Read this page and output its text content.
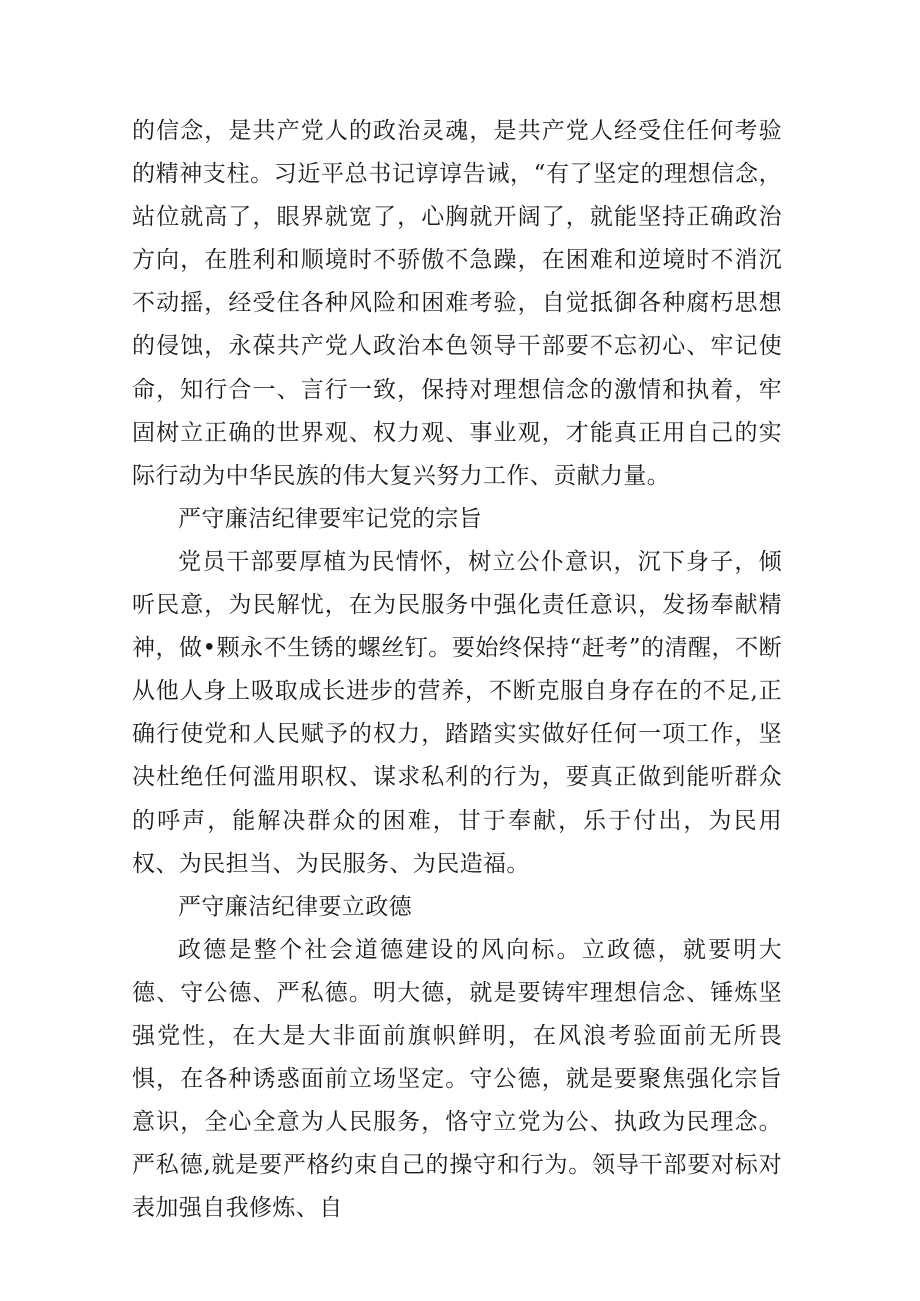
的信念，是共产党人的政治灵魂，是共产党人经受住任何考验的精神支柱。习近平总书记谆谆告诫，“有了坚定的理想信念，站位就高了，眼界就宽了，心胸就开阔了，就能坚持正确政治方向，在胜利和顺境时不骄傲不急躁，在困难和逆境时不消沉不动摇，经受住各种风险和困难考验，自觉抵御各种腐朽思想的侵蚀，永葆共产党人政治本色领导干部要不忘初心、牢记使命，知行合一、言行一致，保持对理想信念的激情和执着，牢固树立正确的世界观、权力观、事业观，才能真正用自己的实际行动为中华民族的伟大复兴努力工作、贡献力量。

严守廉洁纪律要牢记党的宗旨

党员干部要厚植为民情怀，树立公仆意识，沉下身子，倾听民意，为民解忧，在为民服务中强化责任意识，发扬奉献精神，做•颗永不生锈的螺丝钉。要始终保持“赶考”的清醒，不断从他人身上吸取成长进步的营养，不断克服自身存在的不足,正确行使党和人民赋予的权力，踏踏实实做好任何一项工作，坚决杜绝任何滥用职权、谋求私利的行为，要真正做到能听群众的呼声，能解决群众的困难，甘于奉献，乐于付出，为民用权、为民担当、为民服务、为民造福。

严守廉洁纪律要立政德

政德是整个社会道德建设的风向标。立政德，就要明大德、守公德、严私德。明大德，就是要铸牢理想信念、锤炼坚强党性，在大是大非面前旗帜鲜明，在风浪考验面前无所畏惧，在各种诱惑面前立场坚定。守公德，就是要聚焦强化宗旨意识，全心全意为人民服务，恪守立党为公、执政为民理念。严私德,就是要严格约束自己的操守和行为。领导干部要对标对表加强自我修炼、自
